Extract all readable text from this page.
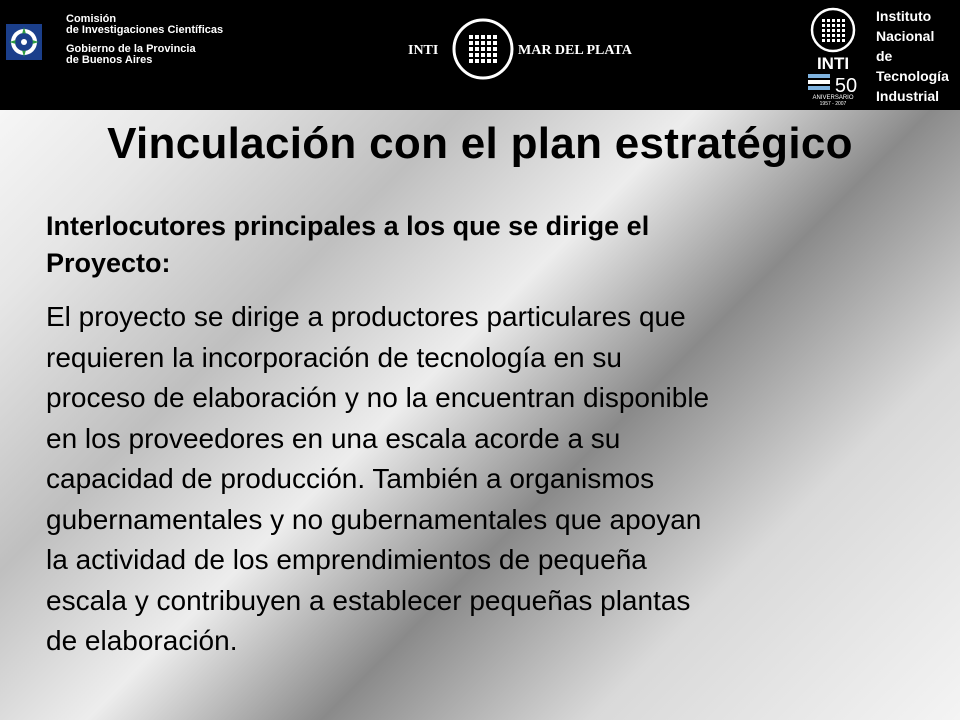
Comisión
de Investigaciones Científicas
Gobierno de la Provincia
de Buenos Aires
INTI	MAR DEL PLATA
INTI
50
ANIVERSARIO
1957 - 2007
Instituto
Nacional
de Tecnología
Industrial
Vinculación con el plan estratégico
Interlocutores principales a los que se dirige el
Proyecto:
El proyecto se dirige a productores particulares que
requieren la incorporación de tecnología en su
proceso de elaboración y no la encuentran disponible
en los proveedores en una escala acorde a su
capacidad de producción. También a organismos
gubernamentales y no gubernamentales que apoyan
la actividad de los emprendimientos de pequeña
escala y contribuyen a establecer pequeñas plantas
de elaboración.
